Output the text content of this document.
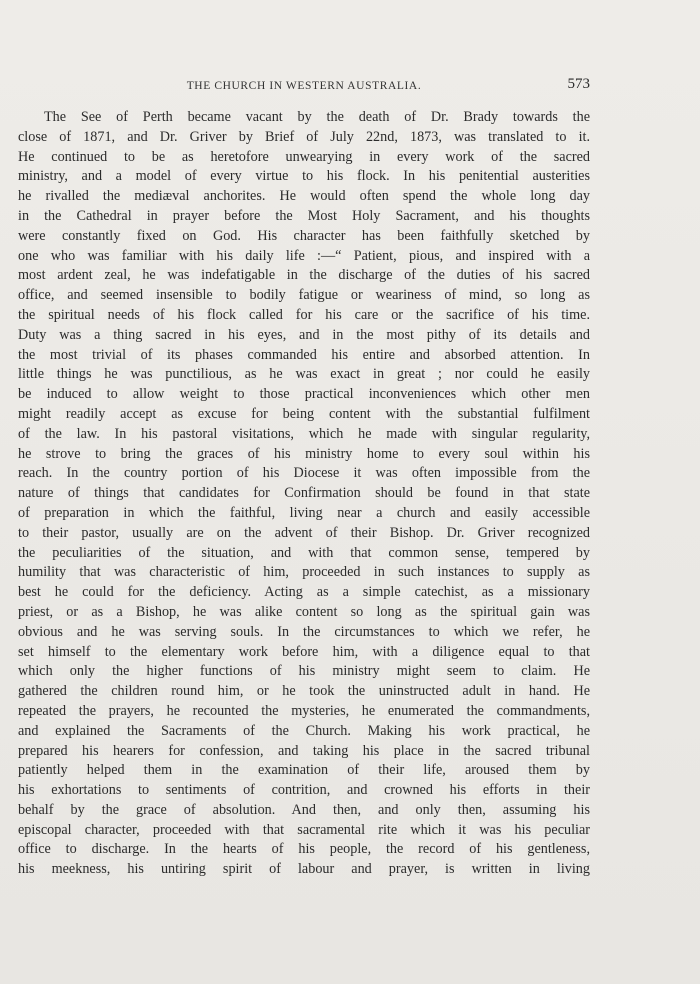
THE CHURCH IN WESTERN AUSTRALIA.	573
The See of Perth became vacant by the death of Dr. Brady towards the
close of 1871, and Dr. Griver by Brief of July 22nd, 1873, was translated to it.
He continued to be as heretofore unwearying in every work of the sacred
ministry, and a model of every virtue to his flock. In his penitential austerities
he rivalled the mediæval anchorites. He would often spend the whole long day
in the Cathedral in prayer before the Most Holy Sacrament, and his thoughts
were constantly fixed on God. His character has been faithfully sketched by
one who was familiar with his daily life :—“ Patient, pious, and inspired with a
most ardent zeal, he was indefatigable in the discharge of the duties of his sacred
office, and seemed insensible to bodily fatigue or weariness of mind, so long as
the spiritual needs of his flock called for his care or the sacrifice of his time.
Duty was a thing sacred in his eyes, and in the most pithy of its details and
the most trivial of its phases commanded his entire and absorbed attention. In
little things he was punctilious, as he was exact in great ; nor could he easily
be induced to allow weight to those practical inconveniences which other men
might readily accept as excuse for being content with the substantial fulfilment
of the law. In his pastoral visitations, which he made with singular regularity,
he strove to bring the graces of his ministry home to every soul within his
reach. In the country portion of his Diocese it was often impossible from the
nature of things that candidates for Confirmation should be found in that state
of preparation in which the faithful, living near a church and easily accessible
to their pastor, usually are on the advent of their Bishop. Dr. Griver recognized
the peculiarities of the situation, and with that common sense, tempered by
humility that was characteristic of him, proceeded in such instances to supply as
best he could for the deficiency. Acting as a simple catechist, as a missionary
priest, or as a Bishop, he was alike content so long as the spiritual gain was
obvious and he was serving souls. In the circumstances to which we refer, he
set himself to the elementary work before him, with a diligence equal to that
which only the higher functions of his ministry might seem to claim. He
gathered the children round him, or he took the uninstructed adult in hand. He
repeated the prayers, he recounted the mysteries, he enumerated the commandments,
and explained the Sacraments of the Church. Making his work practical, he
prepared his hearers for confession, and taking his place in the sacred tribunal
patiently helped them in the examination of their life, aroused them by
his exhortations to sentiments of contrition, and crowned his efforts in their
behalf by the grace of absolution. And then, and only then, assuming his
episcopal character, proceeded with that sacramental rite which it was his peculiar
office to discharge. In the hearts of his people, the record of his gentleness,
his meekness, his untiring spirit of labour and prayer, is written in living
